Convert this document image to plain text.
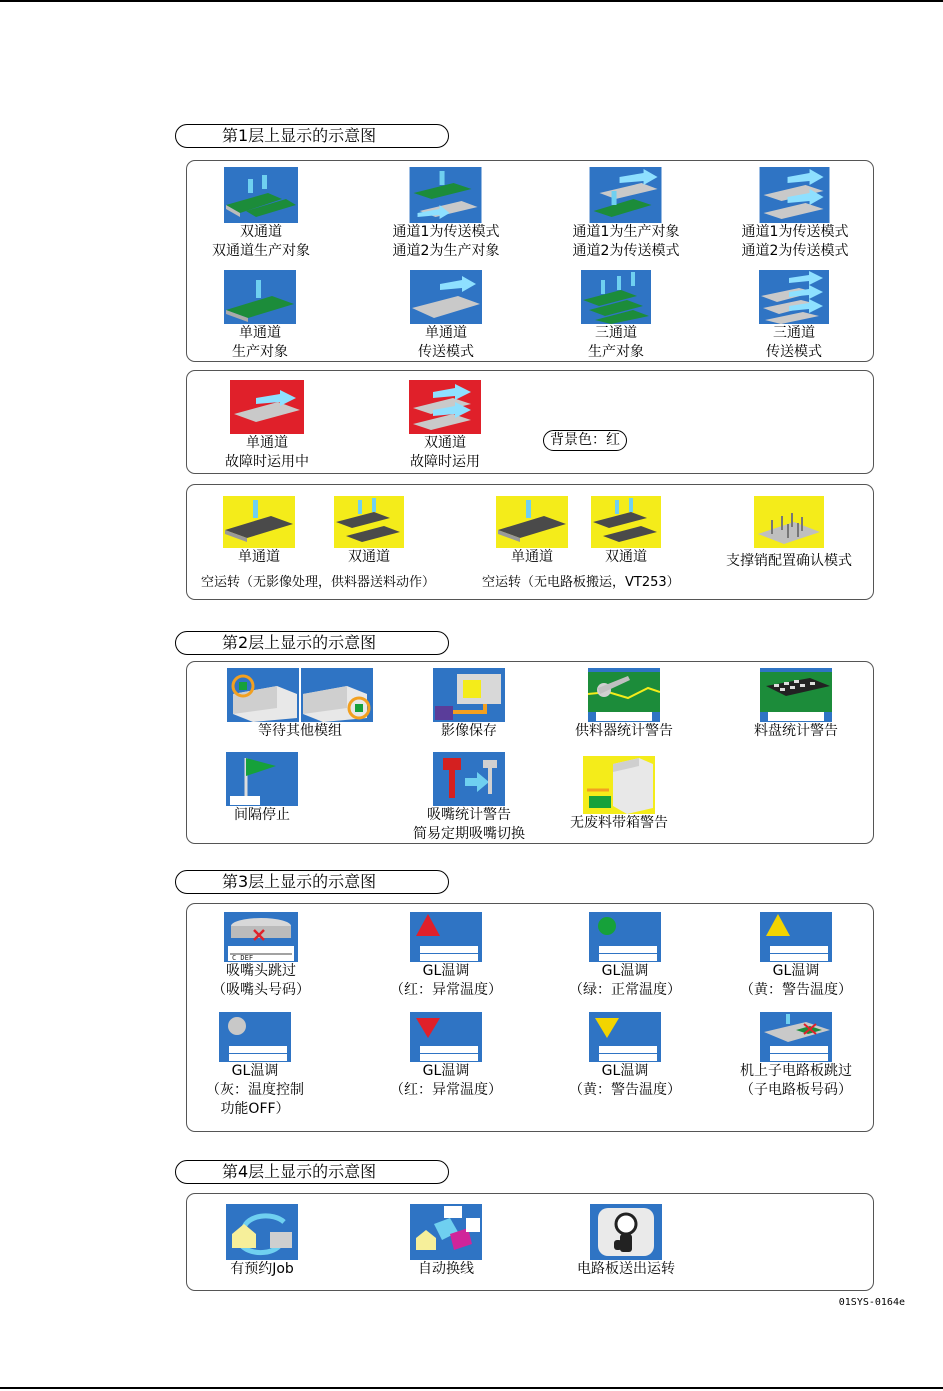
第1层上显示的示意图
双通道
双通道生产对象
通道1为传送模式
通道2为生产对象
通道1为生产对象
通道2为传送模式
通道1为传送模式
通道2为传送模式
单通道
生产对象
单通道
传送模式
三通道
生产对象
三通道
传送模式
单通道
故障时运用中
双通道
故障时运用
背景色：红
单通道	双通道	单通道	双通道
空运转（无影像处理，供料器送料动作）	空运转（无电路板搬运，VT253）
支撑销配置确认模式
第2层上显示的示意图
等待其他模组	影像保存	供料器统计警告	料盘统计警告
间隔停止	吸嘴统计警告
简易定期吸嘴切换
无废料带箱警告
第3层上显示的示意图
C DEF
吸嘴头跳过
（吸嘴头号码）
GL温调
（红：异常温度）
GL温调
（绿：正常温度）
GL温调
（黄：警告温度）
GL温调
（灰：温度控制
功能OFF）
GL温调
（红：异常温度）
GL温调
（黄：警告温度）
机上子电路板跳过
（子电路板号码）
第4层上显示的示意图
有预约Job	自动换线	电路板送出运转
01SYS-0164e
